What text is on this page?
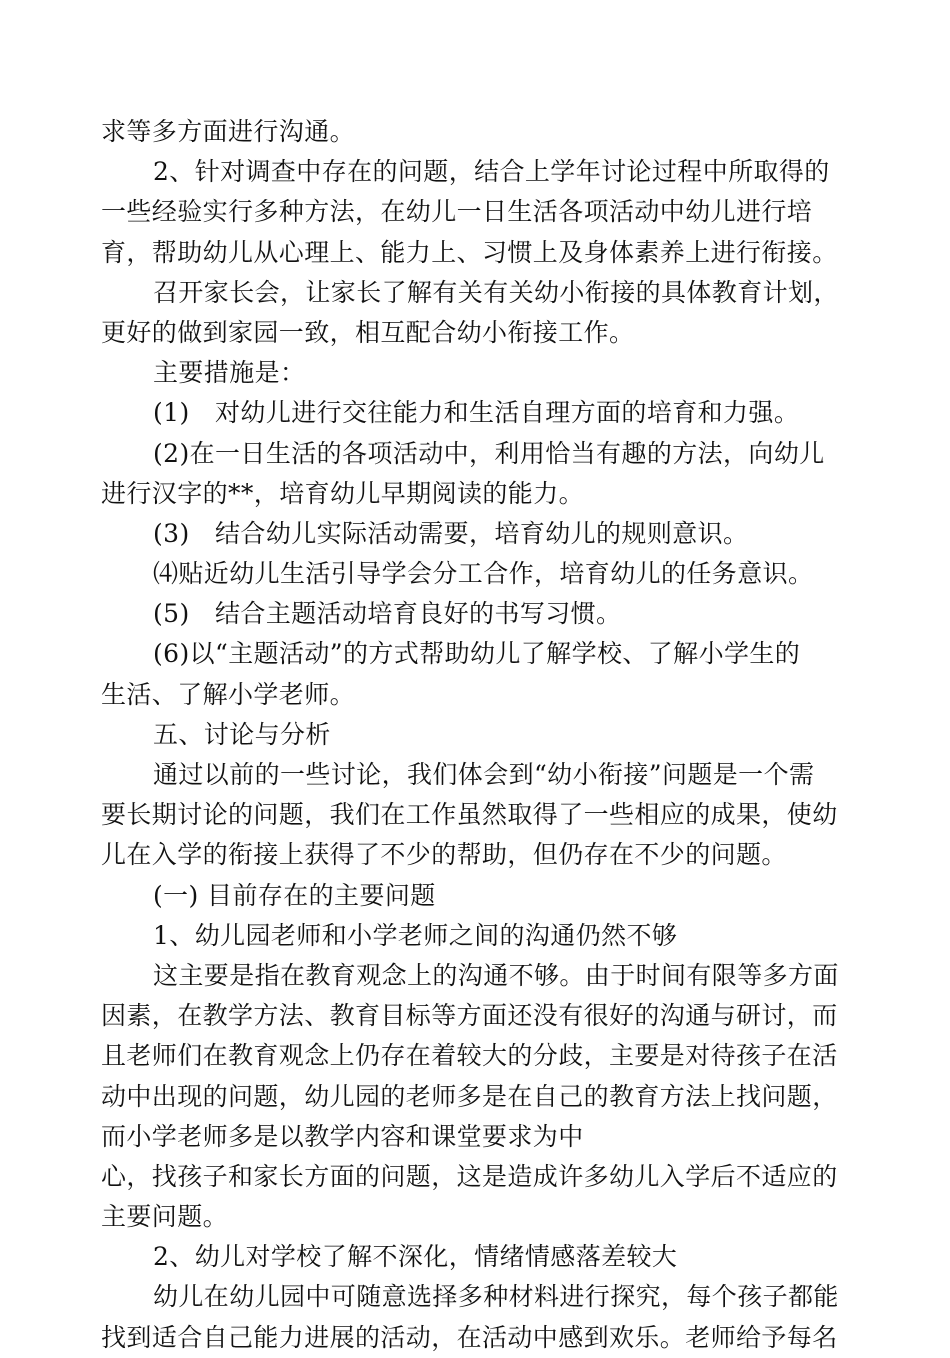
求等多方面进行沟通。
2、针对调查中存在的问题，结合上学年讨论过程中所取得的
一些经验实行多种方法，在幼儿一日生活各项活动中幼儿进行培
育，帮助幼儿从心理上、能力上、习惯上及身体素养上进行衔接。
召开家长会，让家长了解有关有关幼小衔接的具体教育计划，
更好的做到家园一致，相互配合幼小衔接工作。
主要措施是：
(1)　对幼儿进行交往能力和生活自理方面的培育和力强。
(2)在一日生活的各项活动中，利用恰当有趣的方法，向幼儿
进行汉字的**，培育幼儿早期阅读的能力。
(3)　结合幼儿实际活动需要，培育幼儿的规则意识。
⑷贴近幼儿生活引导学会分工合作，培育幼儿的任务意识。
(5)　结合主题活动培育良好的书写习惯。
(6)以“主题活动”的方式帮助幼儿了解学校、了解小学生的
生活、了解小学老师。
五、讨论与分析
通过以前的一些讨论，我们体会到“幼小衔接”问题是一个需
要长期讨论的问题，我们在工作虽然取得了一些相应的成果，使幼
儿在入学的衔接上获得了不少的帮助，但仍存在不少的问题。
(一) 目前存在的主要问题
1、幼儿园老师和小学老师之间的沟通仍然不够
这主要是指在教育观念上的沟通不够。由于时间有限等多方面
因素，在教学方法、教育目标等方面还没有很好的沟通与研讨，而
且老师们在教育观念上仍存在着较大的分歧，主要是对待孩子在活
动中出现的问题，幼儿园的老师多是在自己的教育方法上找问题，
而小学老师多是以教学内容和课堂要求为中
心，找孩子和家长方面的问题，这是造成许多幼儿入学后不适应的
主要问题。
2、幼儿对学校了解不深化，情绪情感落差较大
幼儿在幼儿园中可随意选择多种材料进行探究，每个孩子都能
找到适合自己能力进展的活动，在活动中感到欢乐。老师给予每名
